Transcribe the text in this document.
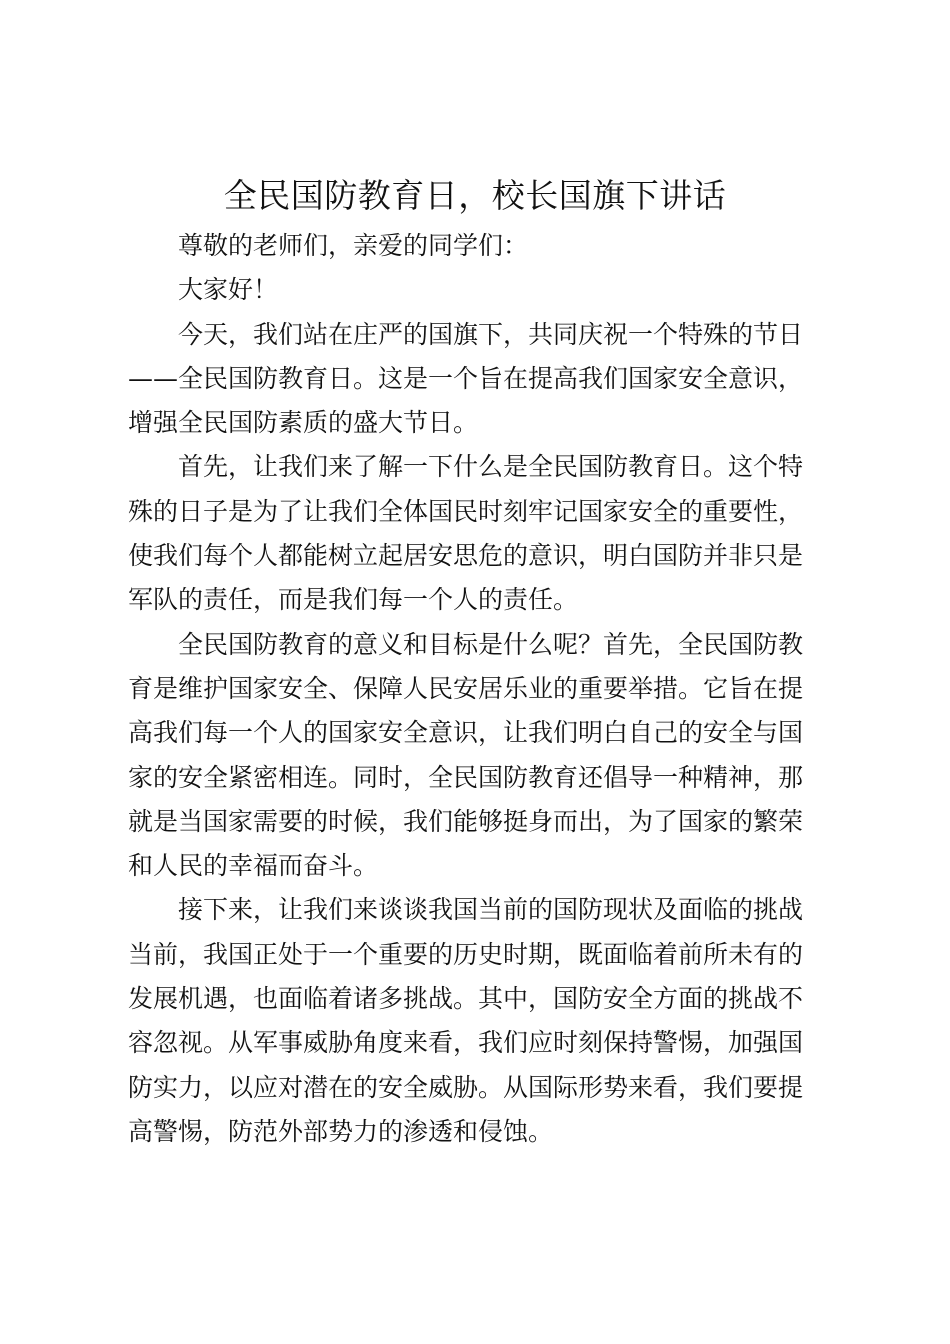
全民国防教育日，校长国旗下讲话
尊敬的老师们，亲爱的同学们：
大家好！
今天，我们站在庄严的国旗下，共同庆祝一个特殊的节日
——全民国防教育日。这是一个旨在提高我们国家安全意识，
增强全民国防素质的盛大节日。
首先，让我们来了解一下什么是全民国防教育日。这个特
殊的日子是为了让我们全体国民时刻牢记国家安全的重要性，
使我们每个人都能树立起居安思危的意识，明白国防并非只是
军队的责任，而是我们每一个人的责任。
全民国防教育的意义和目标是什么呢？首先，全民国防教
育是维护国家安全、保障人民安居乐业的重要举措。它旨在提
高我们每一个人的国家安全意识，让我们明白自己的安全与国
家的安全紧密相连。同时，全民国防教育还倡导一种精神，那
就是当国家需要的时候，我们能够挺身而出，为了国家的繁荣
和人民的幸福而奋斗。
接下来，让我们来谈谈我国当前的国防现状及面临的挑战
当前，我国正处于一个重要的历史时期，既面临着前所未有的
发展机遇，也面临着诸多挑战。其中，国防安全方面的挑战不
容忽视。从军事威胁角度来看，我们应时刻保持警惕，加强国
防实力，以应对潜在的安全威胁。从国际形势来看，我们要提
高警惕，防范外部势力的渗透和侵蚀。
